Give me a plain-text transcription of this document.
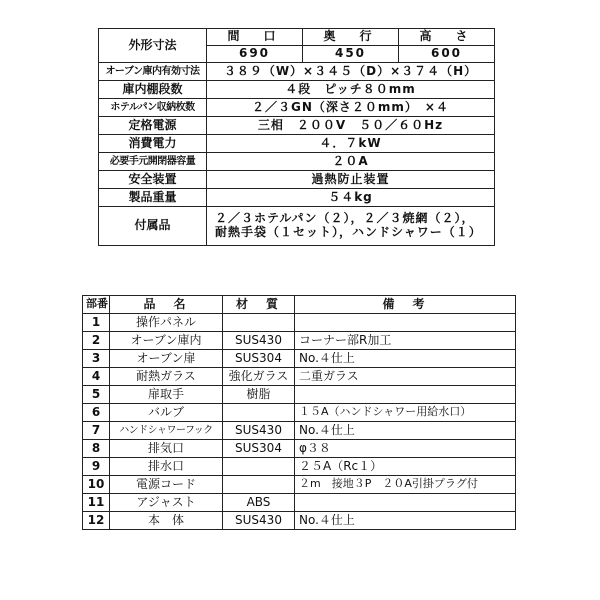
外形寸法	間　口	奥　行	高　さ
	690	450	600
オーブン庫内有効寸法	３８９（W）×３４５（D）×３７４（H）		
庫内棚段数	４段　ピッチ８０mm		
ホテルパン収納枚数	２／３GN（深さ２０mm）　×４		
定格電源	三相　２００V　５０／６０Hz		
消費電力	４．７kW		
必要手元開閉器容量	２０A		
安全装置	過熱防止装置		
製品重量	５４kg		
付属品	２／３ホテルパン（２），２／３焼網（２），
耐熱手袋（１セット），ハンドシャワー（１）		
部番	品　名	材　質	備　考
1	操作パネル		
2	オーブン庫内	SUS430	コーナー部R加工
3	オーブン扉	SUS304	No.４仕上
4	耐熱ガラス	強化ガラス	二重ガラス
5	扉取手	樹脂	
6	バルブ		１５A（ハンドシャワー用給水口）
7	ハンドシャワーフック	SUS430	No.４仕上
8	排気口	SUS304	φ３８
9	排水口		２５A（Rc１）
10	電源コード		２m　接地３P　２０A引掛プラグ付
11	アジャスト	ABS	
12	本　体	SUS430	No.４仕上
